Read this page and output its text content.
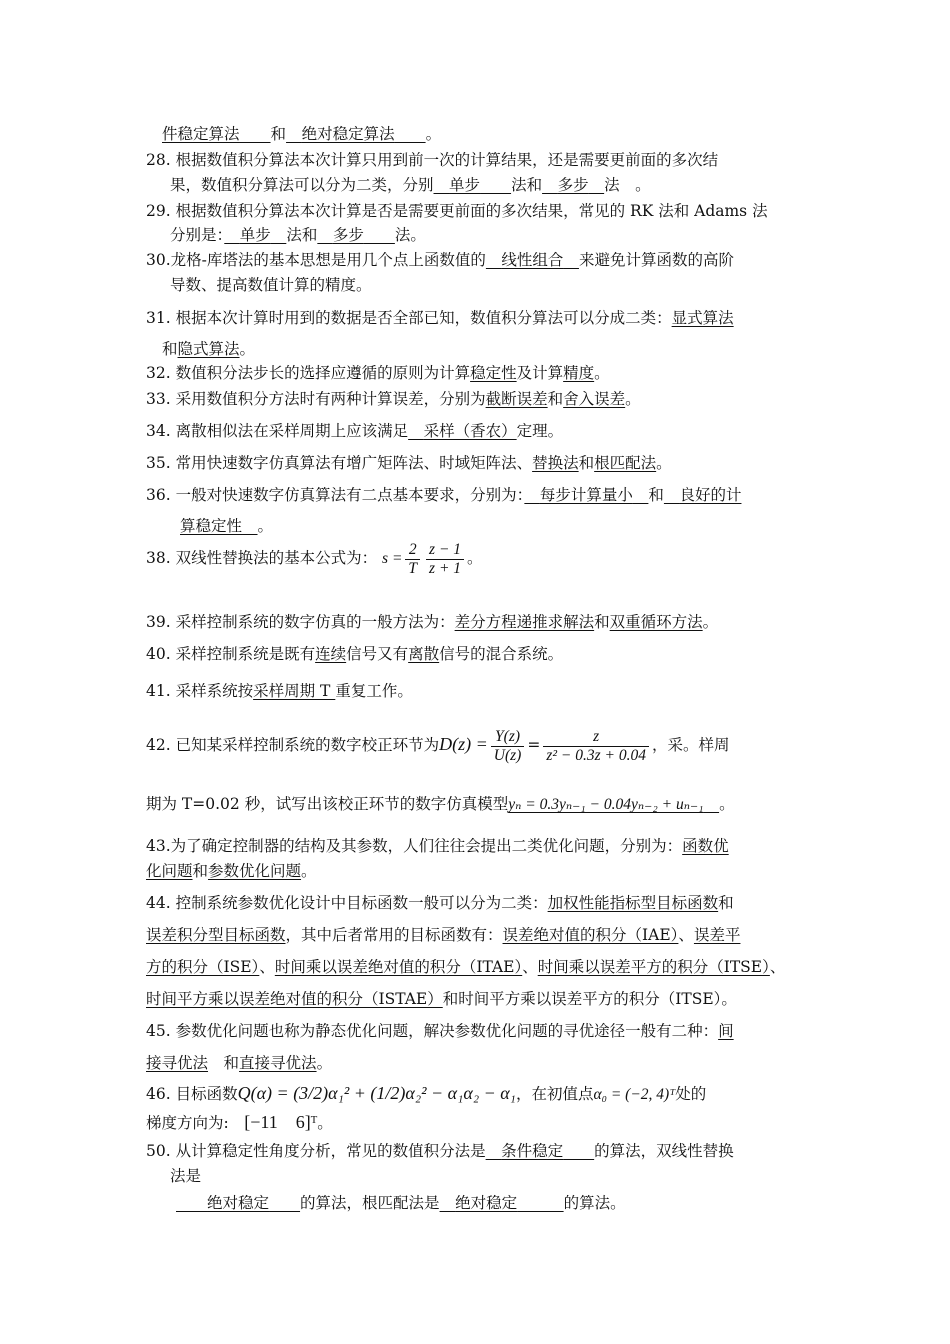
件稳定算法　　 和　 绝对稳定算法　　 。
28. 根据数值积分算法本次计算只用到前一次的计算结果，还是需要更前面的多次结
果，数值积分算法可以分为二类，分别　 单步　　 法和　 多步　 法　。
29. 根据数值积分算法本次计算是否是需要更前面的多次结果，常见的 RK 法和 Adams 法
分别是：　 单步　 法和　 多步　　 法。
30.龙格-库塔法的基本思想是用几个点上函数值的　 线性组合　 来避免计算函数的高阶
导数、提高数值计算的精度。
31. 根据本次计算时用到的数据是否全部已知，数值积分算法可以分成二类：显式算法
和隐式算法。
32. 数值积分法步长的选择应遵循的原则为计算稳定性及计算精度。
33. 采用数值积分方法时有两种计算误差，分别为截断误差和舍入误差。
34. 离散相似法在采样周期上应该满足　 采样（香农）定理。
35. 常用快速数字仿真算法有增广矩阵法、时域矩阵法、替换法和根匹配法。
36. 一般对快速数字仿真算法有二点基本要求，分别为：　 每步计算量小　 和　 良好的计
算稳定性　 。
38. 双线性替换法的基本公式为： $s = \frac{2}{T} \frac{z - 1}{z + 1}$ 。
39. 采样控制系统的数字仿真的一般方法为：差分方程递推求解法和双重循环方法。
40. 采样控制系统是既有连续信号又有离散信号的混合系统。
41. 采样系统按采样周期 T 重复工作。
42. 已知某采样控制系统的数字校正环节为$D(z) = \frac{Y(z)}{U(z)} = \frac{z}{\text{z² − 0.3z + 0.04}}$ ，采。样周
期为 T=0.02 秒，试写出该校正环节的数字仿真模型yₙ = 0.3yₙ₋₁ − 0.04yₙ₋₂ + uₙ₋₁　 。
43.为了确定控制器的结构及其参数，人们往往会提出二类优化问题，分别为：函数优
化问题和参数优化问题。
44. 控制系统参数优化设计中目标函数一般可以分为二类：加权性能指标型目标函数和
误差积分型目标函数，其中后者常用的目标函数有：误差绝对值的积分（IAE）、误差平
方的积分（ISE）、时间乘以误差绝对值的积分（ITAE）、时间乘以误差平方的积分（ITSE）、
时间平方乘以误差绝对值的积分（ISTAE）和时间平方乘以误差平方的积分（ITSE）。
45. 参数优化问题也称为静态优化问题，解决参数优化问题的寻优途径一般有二种：间
接寻优法　 和直接寻优法。
46. 目标函数Q(α) = (3/2)α₁² + (1/2)α₂² − α₁α₂ − α₁，在初值点α₀ = (−2, 4)ᵀ处的
梯度方向为:　 [−11　6]ᵀ。
50. 从计算稳定性角度分析，常见的数值积分法是　 条件稳定　　 的算法，双线性替换
法是
　　绝对稳定　　 的算法，根匹配法是　 绝对稳定　　　	的算法。
